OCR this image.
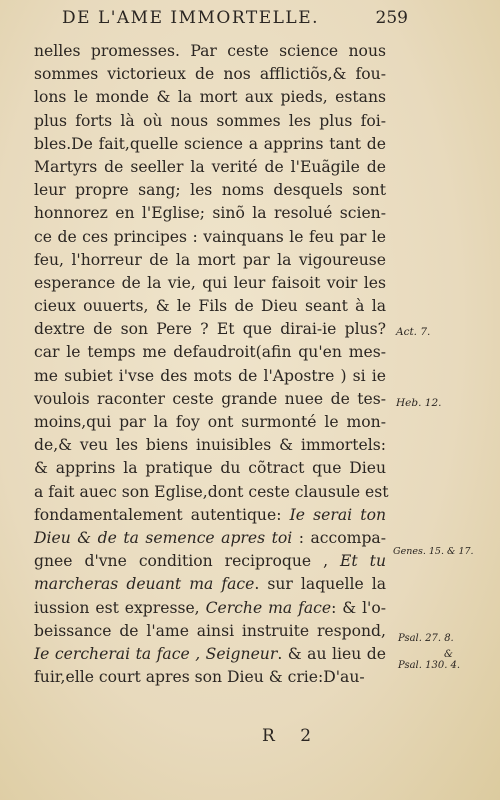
DE L'AME IMMORTELLE.	259
nelles promesses. Par ceste science nous
sommes victorieux de nos afflictiõs,& fou-
lons le monde & la mort aux pieds, estans
plus forts là où nous sommes les plus foi-
bles.De fait,quelle science a apprins tant de
Martyrs de seeller la verité de l'Euãgile de
leur propre sang; les noms desquels sont
honnorez en l'Eglise; sinõ la resolué scien-
ce de ces principes : vainquans le feu par le
feu, l'horreur de la mort par la vigoureuse
esperance de la vie, qui leur faisoit voir les
cieux ouuerts, & le Fils de Dieu seant à la
dextre de son Pere ? Et que dirai-ie plus?
car le temps me defaudroit(afin qu'en mes-
me subiet i'vse des mots de l'Apostre ) si ie
voulois raconter ceste grande nuee de tes-
moins,qui par la foy ont surmonté le mon-
de,& veu les biens inuisibles & immortels:
& apprins la pratique du cõtract que Dieu
a fait auec son Eglise,dont ceste clausule est
fondamentalement autentique: Ie serai ton
Dieu & de ta semence apres toi : accompa-
gnee d'vne condition reciproque , Et tu
marcheras deuant ma face. sur laquelle la
iussion est expresse, Cerche ma face: & l'o-
beissance de l'ame ainsi instruite respond,
Ie cercherai ta face , Seigneur. & au lieu de
fuir,elle court apres son Dieu & crie:D'au-
Act. 7.
Heb. 12.
Genes. 15. & 17.
Psal. 27. 8.
&
Psal. 130. 4.
R 2
